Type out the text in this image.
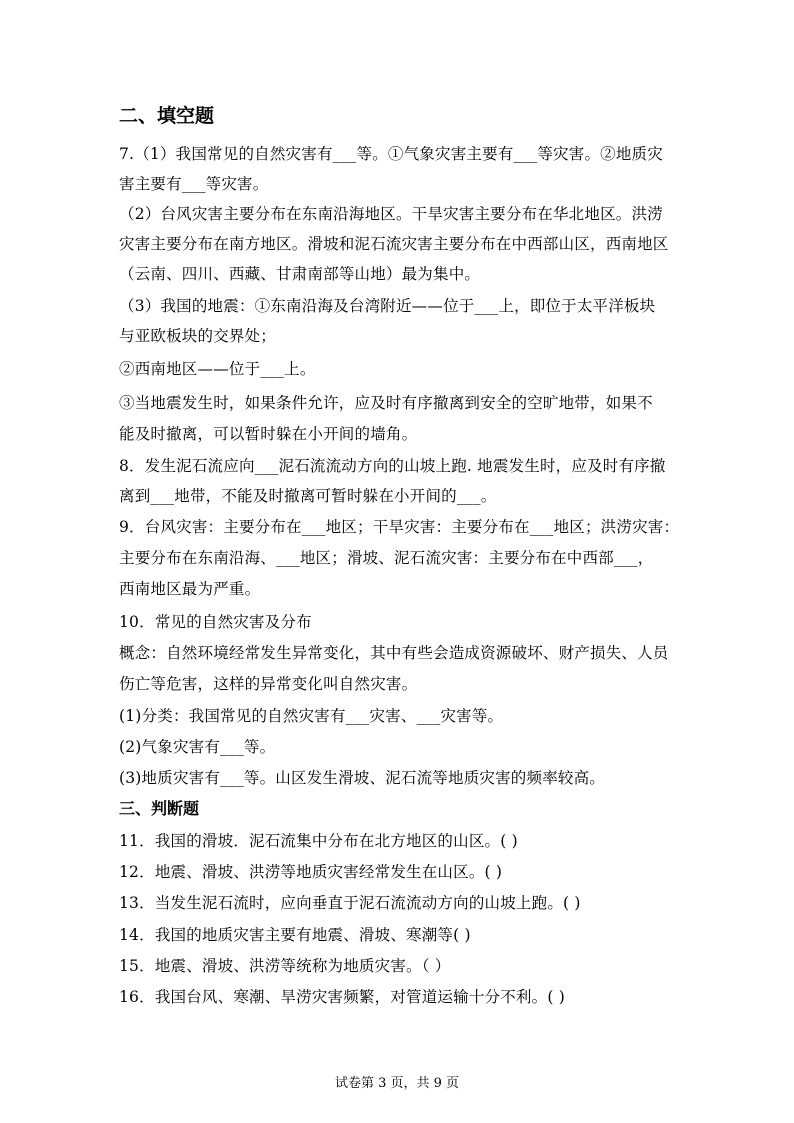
二、填空题
7.（1）我国常见的自然灾害有___等。①气象灾害主要有___等灾害。②地质灾
害主要有___等灾害。
（2）台风灾害主要分布在东南沿海地区。干旱灾害主要分布在华北地区。洪涝
灾害主要分布在南方地区。滑坡和泥石流灾害主要分布在中西部山区，西南地区
（云南、四川、西藏、甘肃南部等山地）最为集中。
（3）我国的地震：①东南沿海及台湾附近——位于___上，即位于太平洋板块
与亚欧板块的交界处；
②西南地区——位于___上。
③当地震发生时，如果条件允许，应及时有序撤离到安全的空旷地带，如果不
能及时撤离，可以暂时躲在小开间的墙角。
8．发生泥石流应向___泥石流流动方向的山坡上跑. 地震发生时，应及时有序撤
离到___地带，不能及时撤离可暂时躲在小开间的___。
9．台风灾害：主要分布在___地区；干旱灾害：主要分布在___地区；洪涝灾害：
主要分布在东南沿海、___地区；滑坡、泥石流灾害：主要分布在中西部___，
西南地区最为严重。
10．常见的自然灾害及分布
概念：自然环境经常发生异常变化，其中有些会造成资源破坏、财产损失、人员
伤亡等危害，这样的异常变化叫自然灾害。
(1)分类：我国常见的自然灾害有___灾害、___灾害等。
(2)气象灾害有___等。
(3)地质灾害有___等。山区发生滑坡、泥石流等地质灾害的频率较高。
三、判断题
11．我国的滑坡．泥石流集中分布在北方地区的山区。( )
12．地震、滑坡、洪涝等地质灾害经常发生在山区。( )
13．当发生泥石流时，应向垂直于泥石流流动方向的山坡上跑。( )
14．我国的地质灾害主要有地震、滑坡、寒潮等( )
15．地震、滑坡、洪涝等统称为地质灾害。（ ）
16．我国台风、寒潮、旱涝灾害频繁，对管道运输十分不利。( )
试卷第 3 页，共 9 页
